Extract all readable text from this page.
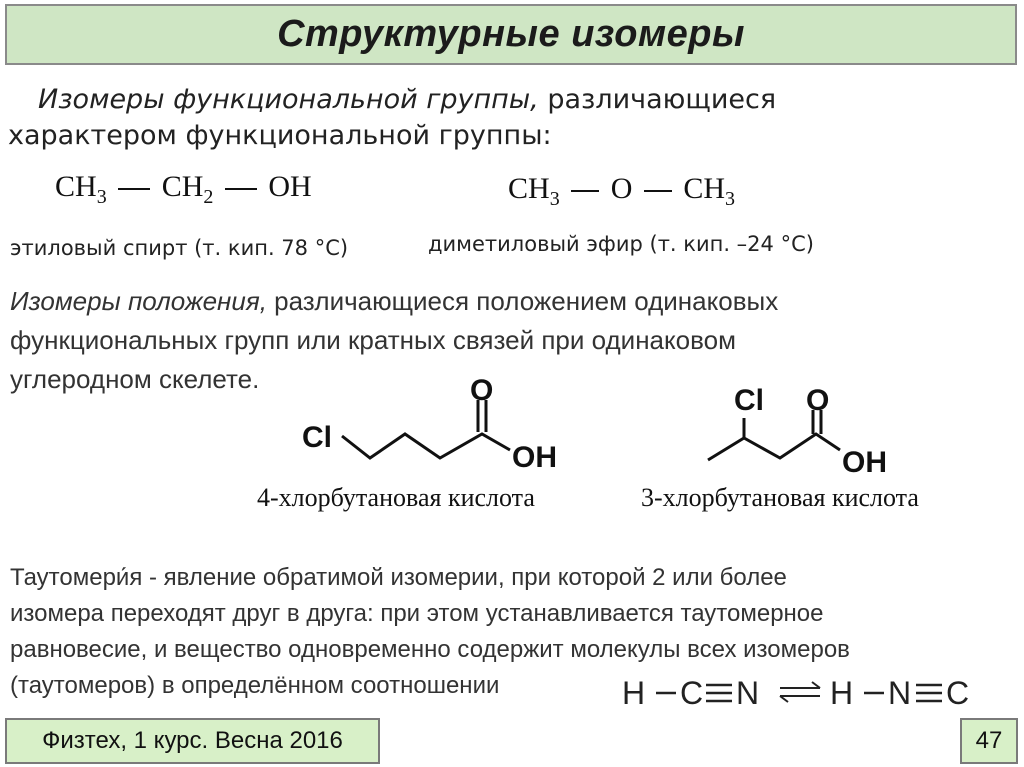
Структурные изомеры
Изомеры функциональной группы, различающиеся
характером функциональной группы:
$CH_3$ $CH_2$ OH	$CH_3$ O $CH_3$
этиловый спирт (т. кип. 78 °C)	диметиловый эфир (т. кип. –24 °C)
Изомеры положения, различающиеся положением одинаковых
функциональных групп или кратных связей при одинаковом
углеродном скелете.
Cl
O
OH
Cl O
OH
4-хлорбутановая кислота	3-хлорбутановая кислота
Таутомери́я - явление обратимой изомерии, при которой 2 или более
изомера переходят друг в друга: при этом устанавливается таутомерное
равновесие, и вещество одновременно содержит молекулы всех изомеров
(таутомеров) в определённом соотношении	H C N H N C
Физтех, 1 курс. Весна 2016	47
